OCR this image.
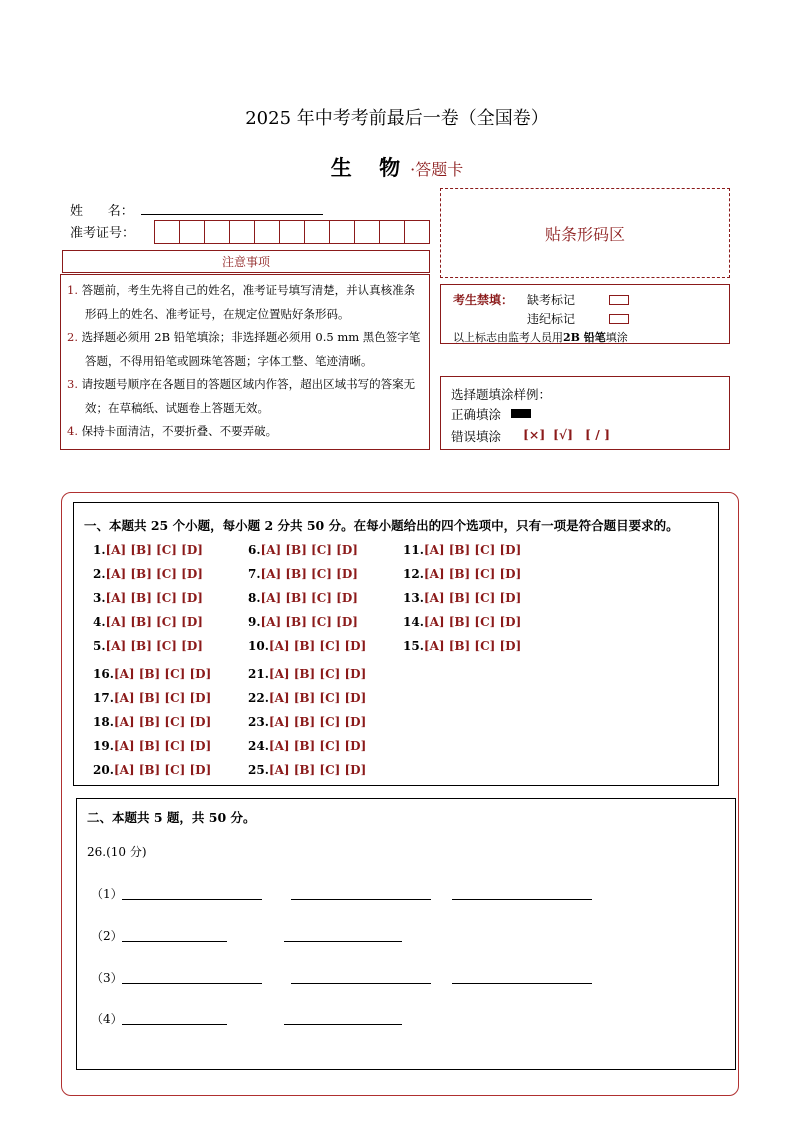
2025 年中考考前最后一卷（全国卷）
生 物·答题卡
姓      名：
准考证号：	贴条形码区
注意事项
1. 答题前，考生先将自己的姓名，准考证号填写清楚，并认真核准条形码上的姓名、准考证号，在规定位置贴好条形码。
2. 选择题必须用 2B 铅笔填涂；非选择题必须用 0.5 mm 黑色签字笔答题，不得用铅笔或圆珠笔答题；字体工整、笔迹清晰。
3. 请按题号顺序在各题目的答题区域内作答，超出区域书写的答案无效；在草稿纸、试题卷上答题无效。
4. 保持卡面清洁，不要折叠、不要弄破。
考生禁填： 缺考标记
违纪标记
以上标志由监考人员用2B 铅笔填涂
选择题填涂样例：
正确填涂
错误填涂 [×] [√] [ / ]
一、本题共 25 个小题，每小题 2 分共 50 分。在每小题给出的四个选项中，只有一项是符合题目要求的。
1.[A] [B] [C] [D]
2.[A] [B] [C] [D]
3.[A] [B] [C] [D]
4.[A] [B] [C] [D]
5.[A] [B] [C] [D]
6.[A] [B] [C] [D]
7.[A] [B] [C] [D]
8.[A] [B] [C] [D]
9.[A] [B] [C] [D]
10.[A] [B] [C] [D]
11.[A] [B] [C] [D]
12.[A] [B] [C] [D]
13.[A] [B] [C] [D]
14.[A] [B] [C] [D]
15.[A] [B] [C] [D]
16.[A] [B] [C] [D]
17.[A] [B] [C] [D]
18.[A] [B] [C] [D]
19.[A] [B] [C] [D]
20.[A] [B] [C] [D]
21.[A] [B] [C] [D]
22.[A] [B] [C] [D]
23.[A] [B] [C] [D]
24.[A] [B] [C] [D]
25.[A] [B] [C] [D]
二、本题共 5 题，共 50 分。
26.(10 分)
（1）
（2）
（3）
（4）
